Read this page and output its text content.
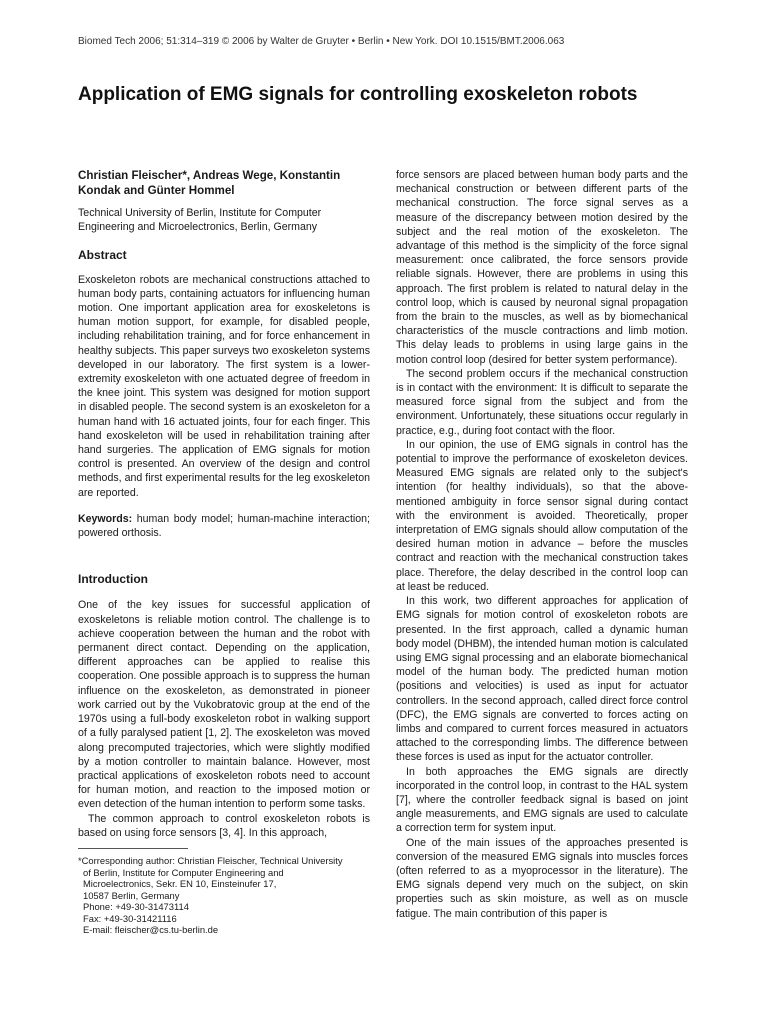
Biomed Tech 2006; 51:314–319 © 2006 by Walter de Gruyter • Berlin • New York. DOI 10.1515/BMT.2006.063
Application of EMG signals for controlling exoskeleton robots

Christian Fleischer*, Andreas Wege, Konstantin Kondak and Günter Hommel

Technical University of Berlin, Institute for Computer Engineering and Microelectronics, Berlin, Germany

Abstract

Exoskeleton robots are mechanical constructions attached to human body parts, containing actuators for influencing human motion. One important application area for exoskeletons is human motion support, for example, for disabled people, including rehabilitation training, and for force enhancement in healthy subjects. This paper surveys two exoskeleton systems developed in our laboratory. The first system is a lower-extremity exoskeleton with one actuated degree of freedom in the knee joint. This system was designed for motion support in disabled people. The second system is an exoskeleton for a human hand with 16 actuated joints, four for each finger. This hand exoskeleton will be used in rehabilitation training after hand surgeries. The application of EMG signals for motion control is presented. An overview of the design and control methods, and first experimental results for the leg exoskeleton are reported.

Keywords: human body model; human-machine interaction; powered orthosis.

Introduction

One of the key issues for successful application of exoskeletons is reliable motion control. The challenge is to achieve cooperation between the human and the robot with permanent direct contact. Depending on the application, different approaches can be applied to realise this cooperation. One possible approach is to suppress the human influence on the exoskeleton, as demonstrated in pioneer work carried out by the Vukobratovic group at the end of the 1970s using a full-body exoskeleton robot in walking support of a fully paralysed patient [1, 2]. The exoskeleton was moved along precomputed trajectories, which were slightly modified by a motion controller to maintain balance. However, most practical applications of exoskeleton robots need to account for human motion, and reaction to the imposed motion or even detection of the human intention to perform some tasks.

The common approach to control exoskeleton robots is based on using force sensors [3, 4]. In this approach,

*Corresponding author: Christian Fleischer, Technical University
of Berlin, Institute for Computer Engineering and
Microelectronics, Sekr. EN 10, Einsteinufer 17,
10587 Berlin, Germany
Phone: +49-30-31473114
Fax: +49-30-31421116
E-mail: fleischer@cs.tu-berlin.de

force sensors are placed between human body parts and the mechanical construction or between different parts of the mechanical construction. The force signal serves as a measure of the discrepancy between motion desired by the subject and the real motion of the exoskeleton. The advantage of this method is the simplicity of the force signal measurement: once calibrated, the force sensors provide reliable signals. However, there are problems in using this approach. The first problem is related to natural delay in the control loop, which is caused by neuronal signal propagation from the brain to the muscles, as well as by biomechanical characteristics of the muscle contractions and limb motion. This delay leads to problems in using large gains in the motion control loop (desired for better system performance).

The second problem occurs if the mechanical construction is in contact with the environment: It is difficult to separate the measured force signal from the subject and from the environment. Unfortunately, these situations occur regularly in practice, e.g., during foot contact with the floor.

In our opinion, the use of EMG signals in control has the potential to improve the performance of exoskeleton devices. Measured EMG signals are related only to the subject's intention (for healthy individuals), so that the above-mentioned ambiguity in force sensor signal during contact with the environment is avoided. Theoretically, proper interpretation of EMG signals should allow computation of the desired human motion in advance – before the muscles contract and reaction with the mechanical construction takes place. Therefore, the delay described in the control loop can at least be reduced.

In this work, two different approaches for application of EMG signals for motion control of exoskeleton robots are presented. In the first approach, called a dynamic human body model (DHBM), the intended human motion is calculated using EMG signal processing and an elaborate biomechanical model of the human body. The predicted human motion (positions and velocities) is used as input for actuator controllers. In the second approach, called direct force control (DFC), the EMG signals are converted to forces acting on limbs and compared to current forces measured in actuators attached to the corresponding limbs. The difference between these forces is used as input for the actuator controller.

In both approaches the EMG signals are directly incorporated in the control loop, in contrast to the HAL system [7], where the controller feedback signal is based on joint angle measurements, and EMG signals are used to calculate a correction term for system input.

One of the main issues of the approaches presented is conversion of the measured EMG signals into muscles forces (often referred to as a myoprocessor in the literature). The EMG signals depend very much on the subject, on skin properties such as skin moisture, as well as on muscle fatigue. The main contribution of this paper is
